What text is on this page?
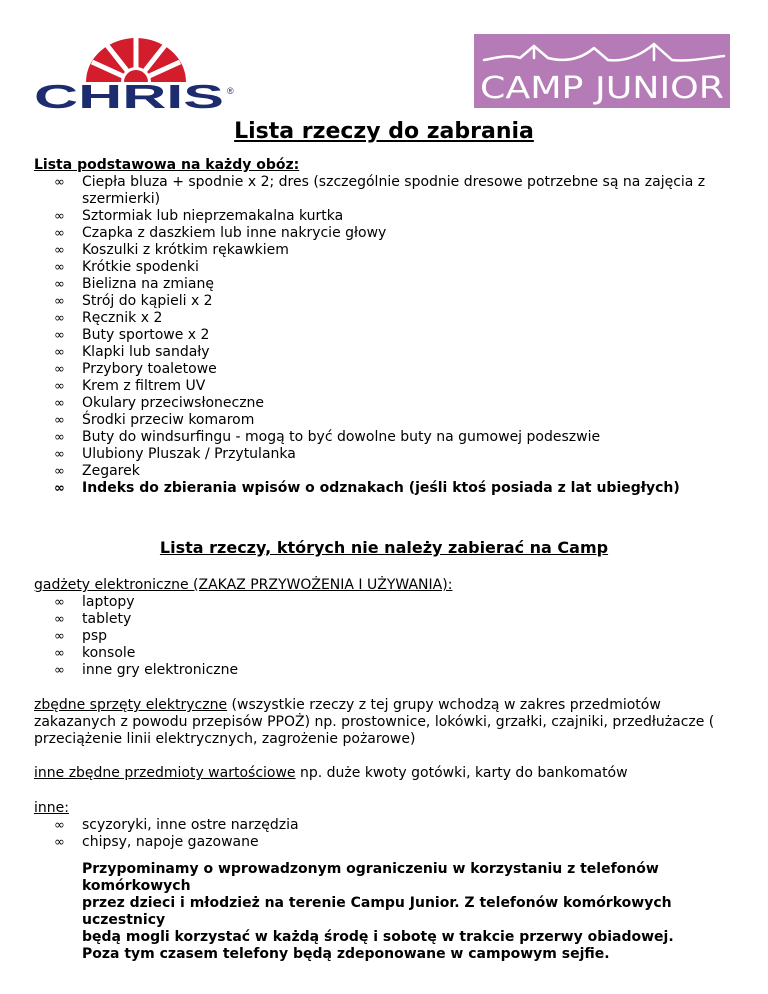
CHRIS ®	CAMP JUNIOR
Lista rzeczy do zabrania
Lista podstawowa na każdy obóz:
∞ Ciepła bluza + spodnie x 2; dres (szczególnie spodnie dresowe potrzebne są na zajęcia z szermierki)
∞ Sztormiak lub nieprzemakalna kurtka
∞ Czapka z daszkiem lub inne nakrycie głowy
∞ Koszulki z krótkim rękawkiem
∞ Krótkie spodenki
∞ Bielizna na zmianę
∞ Strój do kąpieli x 2
∞ Ręcznik x 2
∞ Buty sportowe x 2
∞ Klapki lub sandały
∞ Przybory toaletowe
∞ Krem z filtrem UV
∞ Okulary przeciwsłoneczne
∞ Środki przeciw komarom
∞ Buty do windsurfingu - mogą to być dowolne buty na gumowej podeszwie
∞ Ulubiony Pluszak / Przytulanka
∞ Zegarek
∞ Indeks do zbierania wpisów o odznakach (jeśli ktoś posiada z lat ubiegłych)
Lista rzeczy, których nie należy zabierać na Camp
gadżety elektroniczne (ZAKAZ PRZYWOŻENIA I UŻYWANIA):
∞ laptopy
∞ tablety
∞ psp
∞ konsole
∞ inne gry elektroniczne
zbędne sprzęty elektryczne (wszystkie rzeczy z tej grupy wchodzą w zakres przedmiotów zakazanych z powodu przepisów PPOŻ) np. prostownice, lokówki, grzałki, czajniki, przedłużacze ( przeciążenie linii elektrycznych, zagrożenie pożarowe)
inne zbędne przedmioty wartościowe np. duże kwoty gotówki, karty do bankomatów
inne:
∞ scyzoryki, inne ostre narzędzia
∞ chipsy, napoje gazowane
Przypominamy o wprowadzonym ograniczeniu w korzystaniu z telefonów komórkowych
przez dzieci i młodzież na terenie Campu Junior. Z telefonów komórkowych uczestnicy
będą mogli korzystać w każdą środę i sobotę w trakcie przerwy obiadowej.
Poza tym czasem telefony będą zdeponowane w campowym sejfie.
